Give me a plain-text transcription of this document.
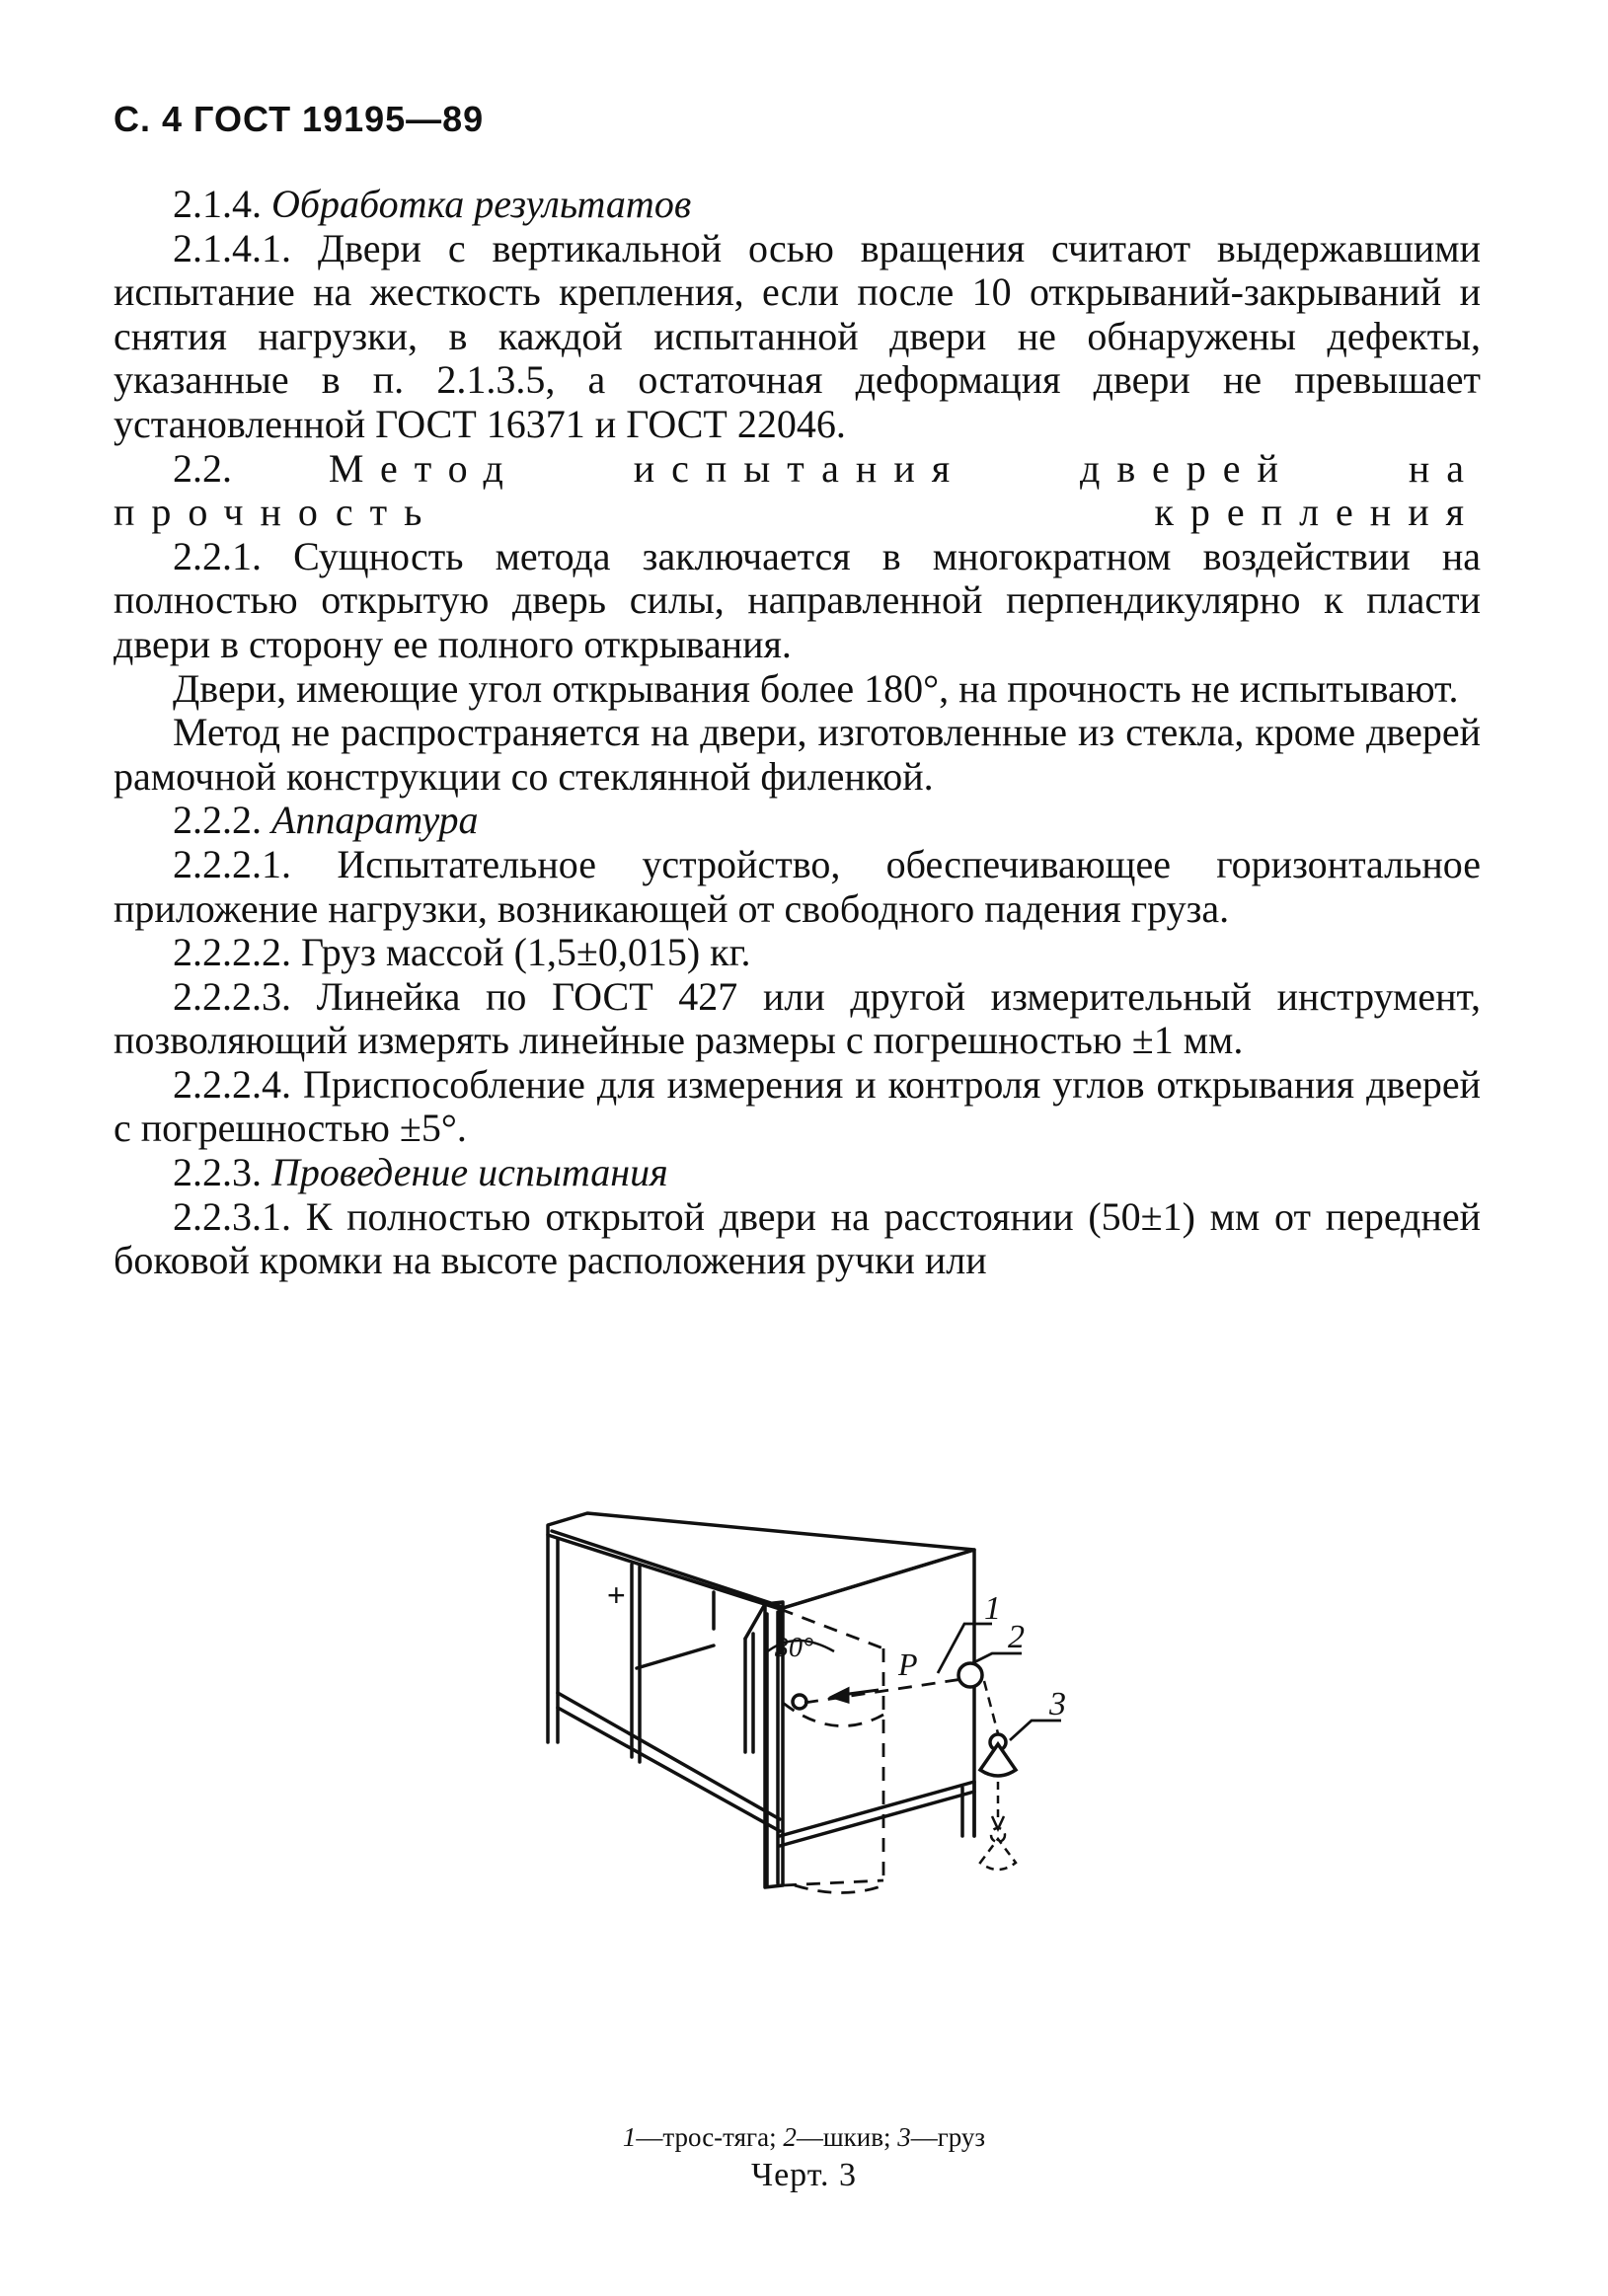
С. 4 ГОСТ 19195—89

2.1.4. Обработка результатов

2.1.4.1. Двери с вертикальной осью вращения считают выдержавшими испытание на жесткость крепления, если после 10 открываний-закрываний и снятия нагрузки, в каждой испытанной двери не обнаружены дефекты, указанные в п. 2.1.3.5, а остаточная деформация двери не превышает установленной ГОСТ 16371 и ГОСТ 22046.

2.2. Метод испытания дверей на прочность крепления

2.2.1. Сущность метода заключается в многократном воздействии на полностью открытую дверь силы, направленной перпендикулярно к пласти двери в сторону ее полного открывания.

Двери, имеющие угол открывания более 180°, на прочность не испытывают.

Метод не распространяется на двери, изготовленные из стекла, кроме дверей рамочной конструкции со стеклянной филенкой.

2.2.2. Аппаратура

2.2.2.1. Испытательное устройство, обеспечивающее горизонтальное приложение нагрузки, возникающей от свободного падения груза.

2.2.2.2. Груз массой (1,5±0,015) кг.

2.2.2.3. Линейка по ГОСТ 427 или другой измерительный инструмент, позволяющий измерять линейные размеры с погрешностью ±1 мм.

2.2.2.4. Приспособление для измерения и контроля углов открывания дверей с погрешностью ±5°.

2.2.3. Проведение испытания

2.2.3.1. К полностью открытой двери на расстоянии (50±1) мм от передней боковой кромки на высоте расположения ручки или

30°	P
1
2
3
+
1—трос-тяга; 2—шкив; 3—груз
Черт. 3
